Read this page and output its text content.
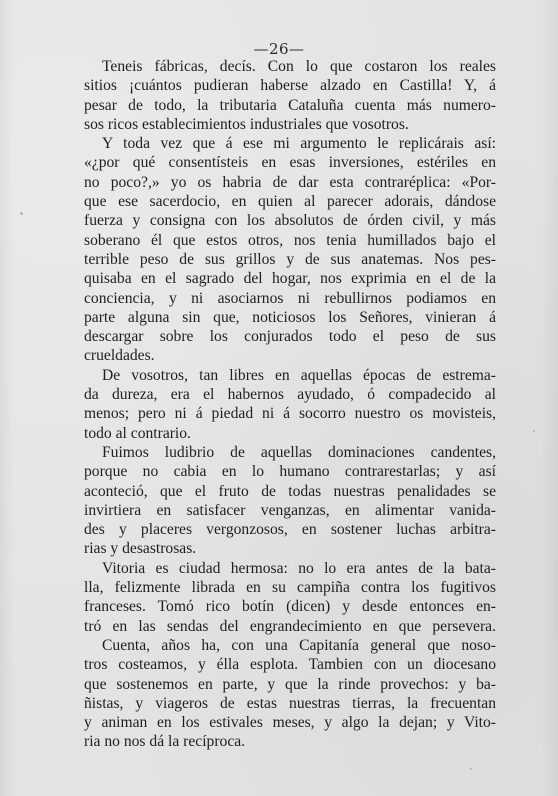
—26—
Teneis fábricas, decís. Con lo que costaron los reales
sitios ¡cuántos pudieran haberse alzado en Castilla! Y, á
pesar de todo, la tributaria Cataluña cuenta más numero-
sos ricos establecimientos industriales que vosotros.
Y toda vez que á ese mi argumento le replicárais así:
«¿por qué consentísteis en esas inversiones, estériles en
no poco?,» yo os habria de dar esta contraréplica: «Por-
que ese sacerdocio, en quien al parecer adorais, dándose
fuerza y consigna con los absolutos de órden civil, y más
soberano él que estos otros, nos tenia humillados bajo el
terrible peso de sus grillos y de sus anatemas. Nos pes-
quisaba en el sagrado del hogar, nos exprimia en el de la
conciencia, y ni asociarnos ni rebullirnos podiamos en
parte alguna sin que, noticiosos los Señores, vinieran á
descargar sobre los conjurados todo el peso de sus
crueldades.
De vosotros, tan libres en aquellas épocas de estrema-
da dureza, era el habernos ayudado, ó compadecido al
menos; pero ni á piedad ni á socorro nuestro os movisteis,
todo al contrario.
Fuimos ludibrio de aquellas dominaciones candentes,
porque no cabia en lo humano contrarestarlas; y así
aconteció, que el fruto de todas nuestras penalidades se
invirtiera en satisfacer venganzas, en alimentar vanida-
des y placeres vergonzosos, en sostener luchas arbitra-
rias y desastrosas.
Vitoria es ciudad hermosa: no lo era antes de la bata-
lla, felizmente librada en su campiña contra los fugitivos
franceses. Tomó rico botín (dicen) y desde entonces en-
tró en las sendas del engrandecimiento en que persevera.
Cuenta, años ha, con una Capitanía general que noso-
tros costeamos, y élla esplota. Tambien con un diocesano
que sostenemos en parte, y que la rinde provechos: y ba-
ñistas, y viageros de estas nuestras tierras, la frecuentan
y animan en los estivales meses, y algo la dejan; y Vito-
ria no nos dá la recíproca.
